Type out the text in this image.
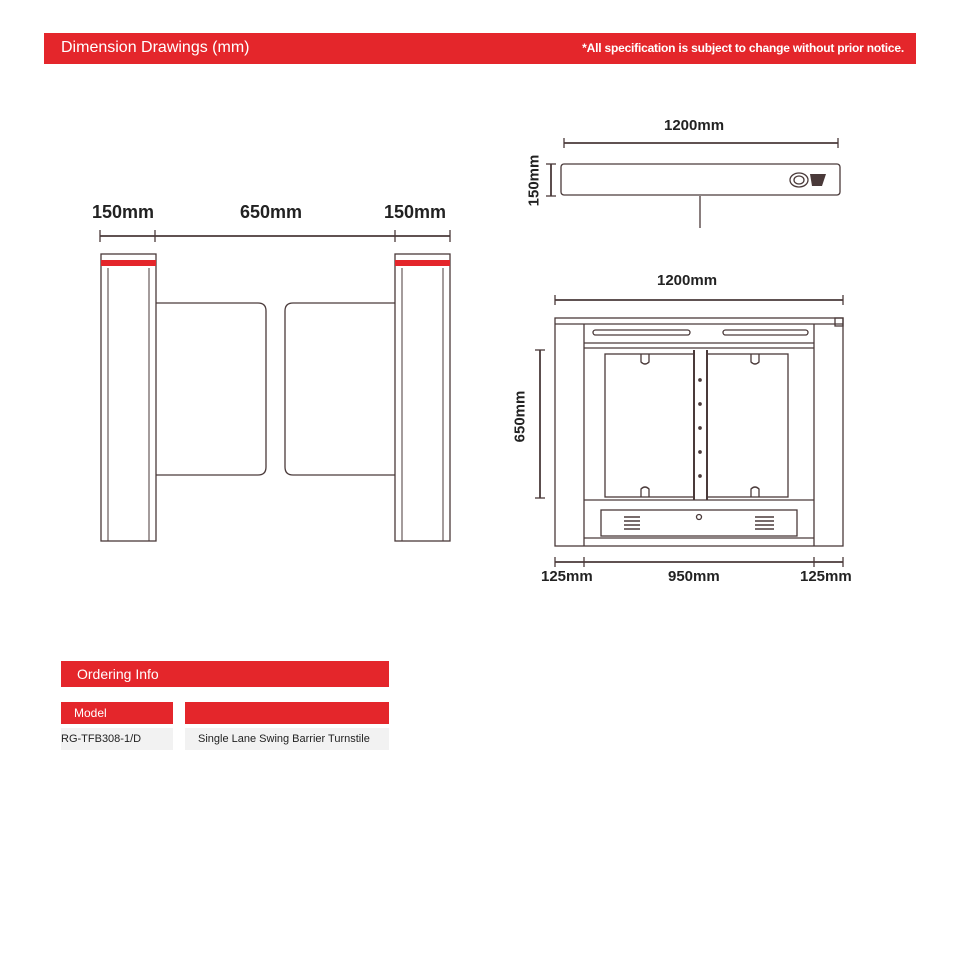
Dimension Drawings (mm)	*All specification is subject to change without prior notice.
150mm	650mm	150mm
1200mm
150mm
1200mm
650mm
125mm	950mm	125mm
Ordering Info
Model
RG-TFB308-1/D	Single Lane Swing Barrier Turnstile
